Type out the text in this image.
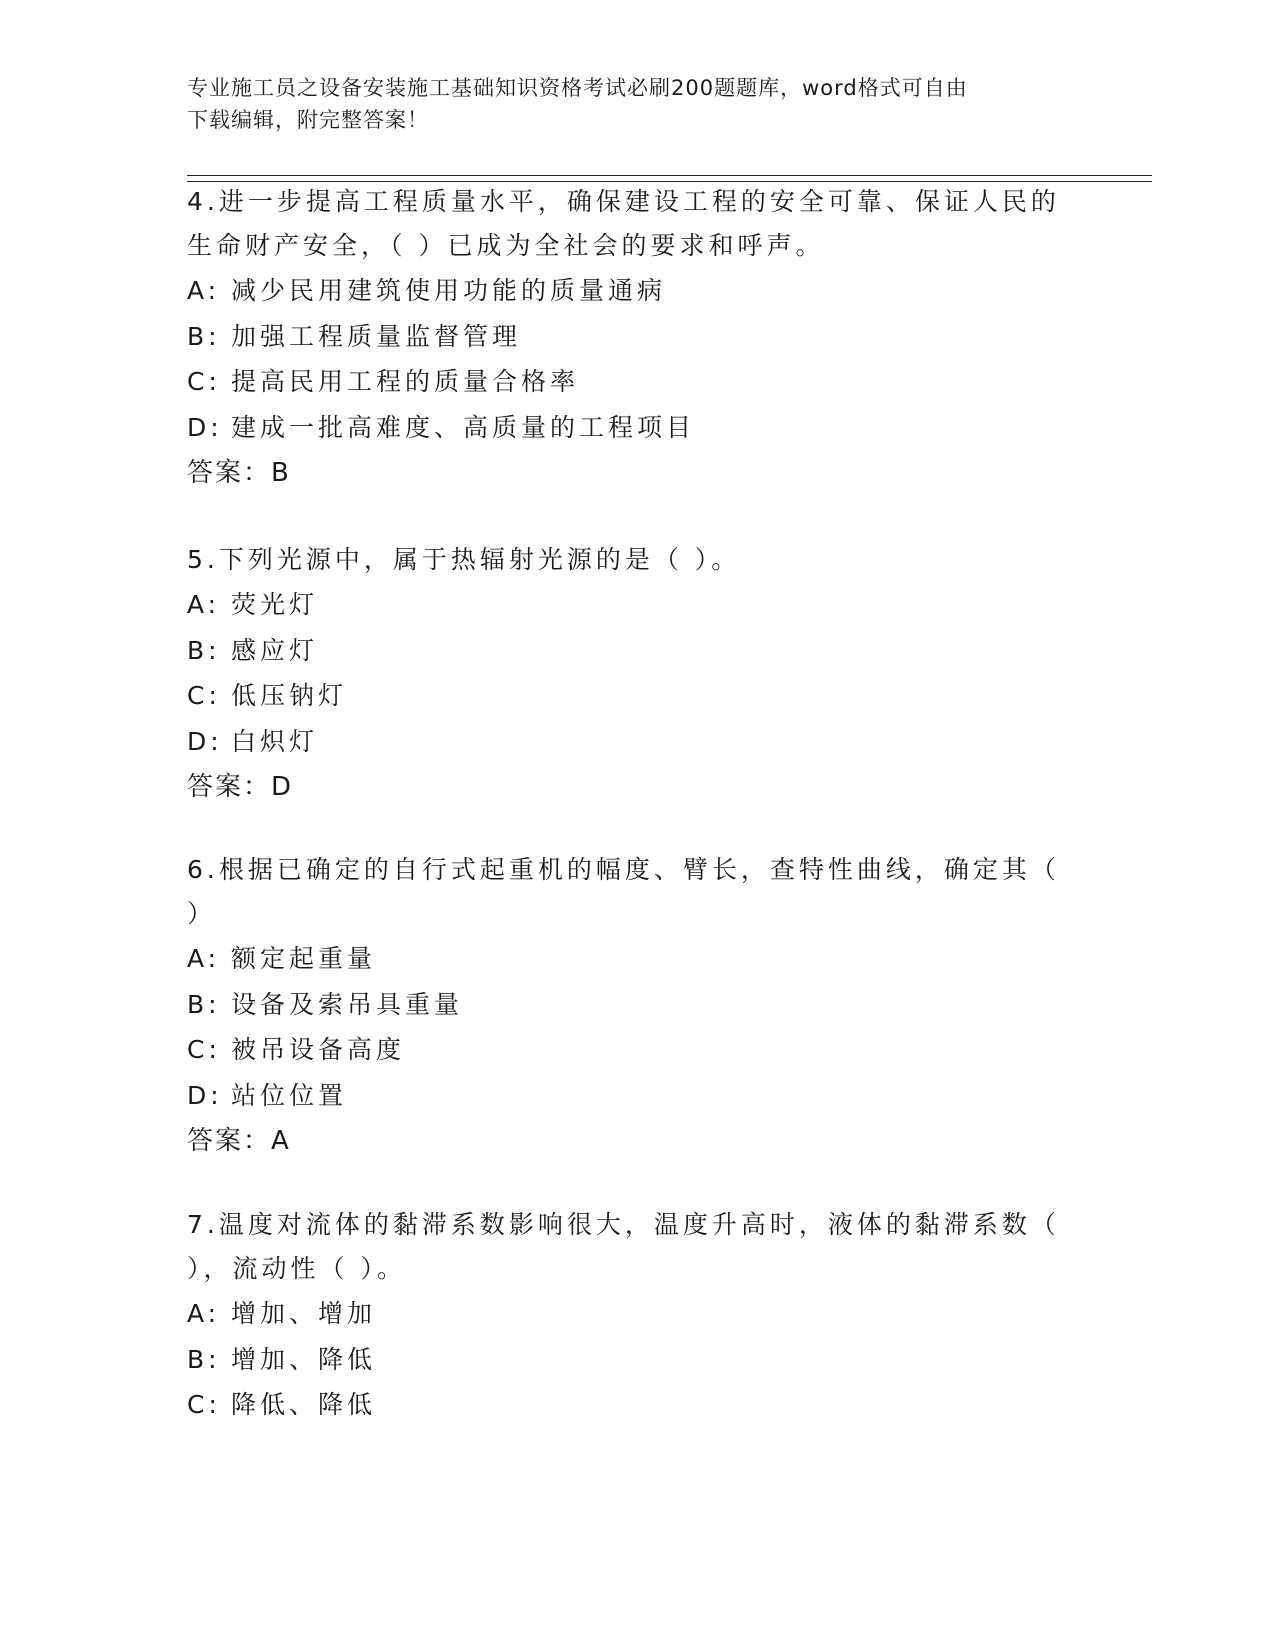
专业施工员之设备安装施工基础知识资格考试必刷200题题库，word格式可自由
下载编辑，附完整答案！

4.进一步提高工程质量水平，确保建设工程的安全可靠、保证人民的

生命财产安全，（ ）已成为全社会的要求和呼声。

A: 减少民用建筑使用功能的质量通病
B: 加强工程质量监督管理
C: 提高民用工程的质量合格率
D: 建成一批高难度、高质量的工程项目

答案：B

5.下列光源中，属于热辐射光源的是（ ）。

A: 荧光灯
B: 感应灯
C: 低压钠灯
D: 白炽灯

答案：D

6.根据已确定的自行式起重机的幅度、臂长，查特性曲线，确定其（

）

A: 额定起重量
B: 设备及索吊具重量
C: 被吊设备高度
D: 站位位置

答案：A

7.温度对流体的黏滞系数影响很大，温度升高时，液体的黏滞系数（

），流动性（ ）。

A: 增加、增加
B: 增加、降低
C: 降低、降低
